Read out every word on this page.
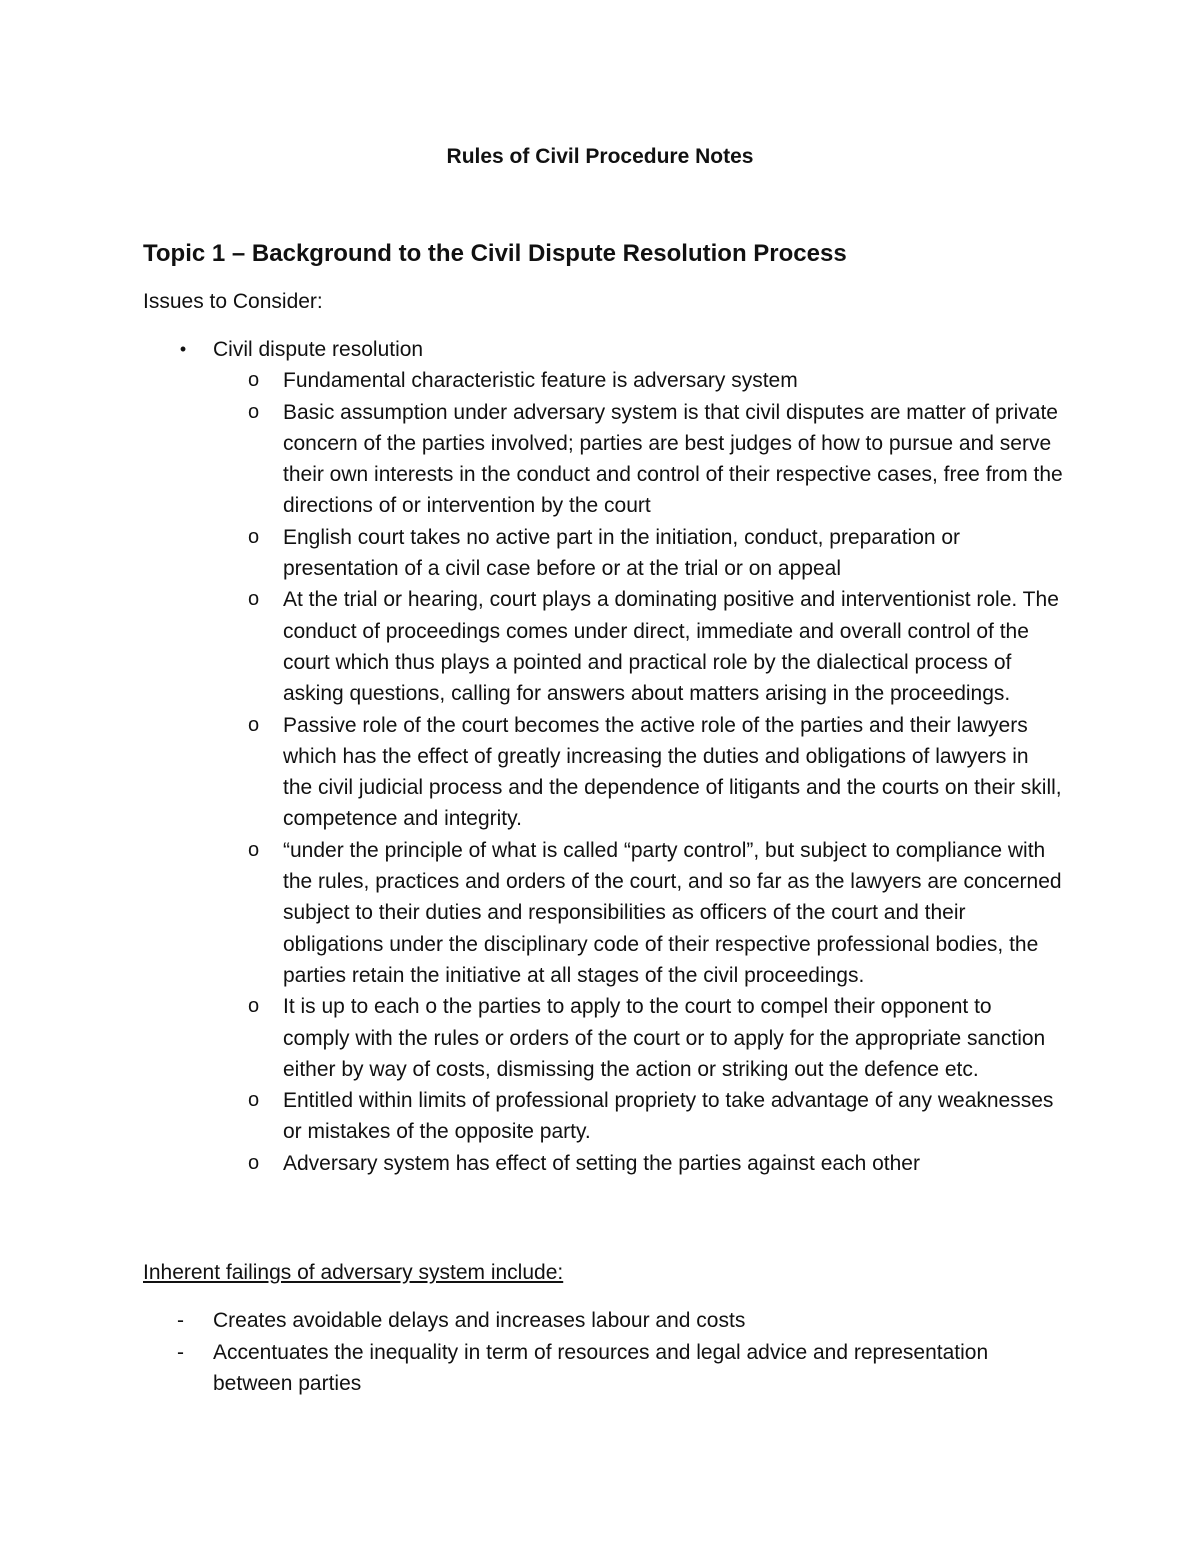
Rules of Civil Procedure Notes
Topic 1 – Background to the Civil Dispute Resolution Process
Issues to Consider:
•	Civil dispute resolution
o Fundamental characteristic feature is adversary system
o Basic assumption under adversary system is that civil disputes are matter of private concern of the parties involved; parties are best judges of how to pursue and serve their own interests in the conduct and control of their respective cases, free from the directions of or intervention by the court
o English court takes no active part in the initiation, conduct, preparation or presentation of a civil case before or at the trial or on appeal
o At the trial or hearing, court plays a dominating positive and interventionist role. The conduct of proceedings comes under direct, immediate and overall control of the court which thus plays a pointed and practical role by the dialectical process of asking questions, calling for answers about matters arising in the proceedings.
o Passive role of the court becomes the active role of the parties and their lawyers which has the effect of greatly increasing the duties and obligations of lawyers in the civil judicial process and the dependence of litigants and the courts on their skill, competence and integrity.
o “under the principle of what is called “party control”, but subject to compliance with the rules, practices and orders of the court, and so far as the lawyers are concerned subject to their duties and responsibilities as officers of the court and their obligations under the disciplinary code of their respective professional bodies, the parties retain the initiative at all stages of the civil proceedings.
o It is up to each o the parties to apply to the court to compel their opponent to comply with the rules or orders of the court or to apply for the appropriate sanction either by way of costs, dismissing the action or striking out the defence etc.
o Entitled within limits of professional propriety to take advantage of any weaknesses or mistakes of the opposite party.
o Adversary system has effect of setting the parties against each other
Inherent failings of adversary system include:
- Creates avoidable delays and increases labour and costs
- Accentuates the inequality in term of resources and legal advice and representation between parties
